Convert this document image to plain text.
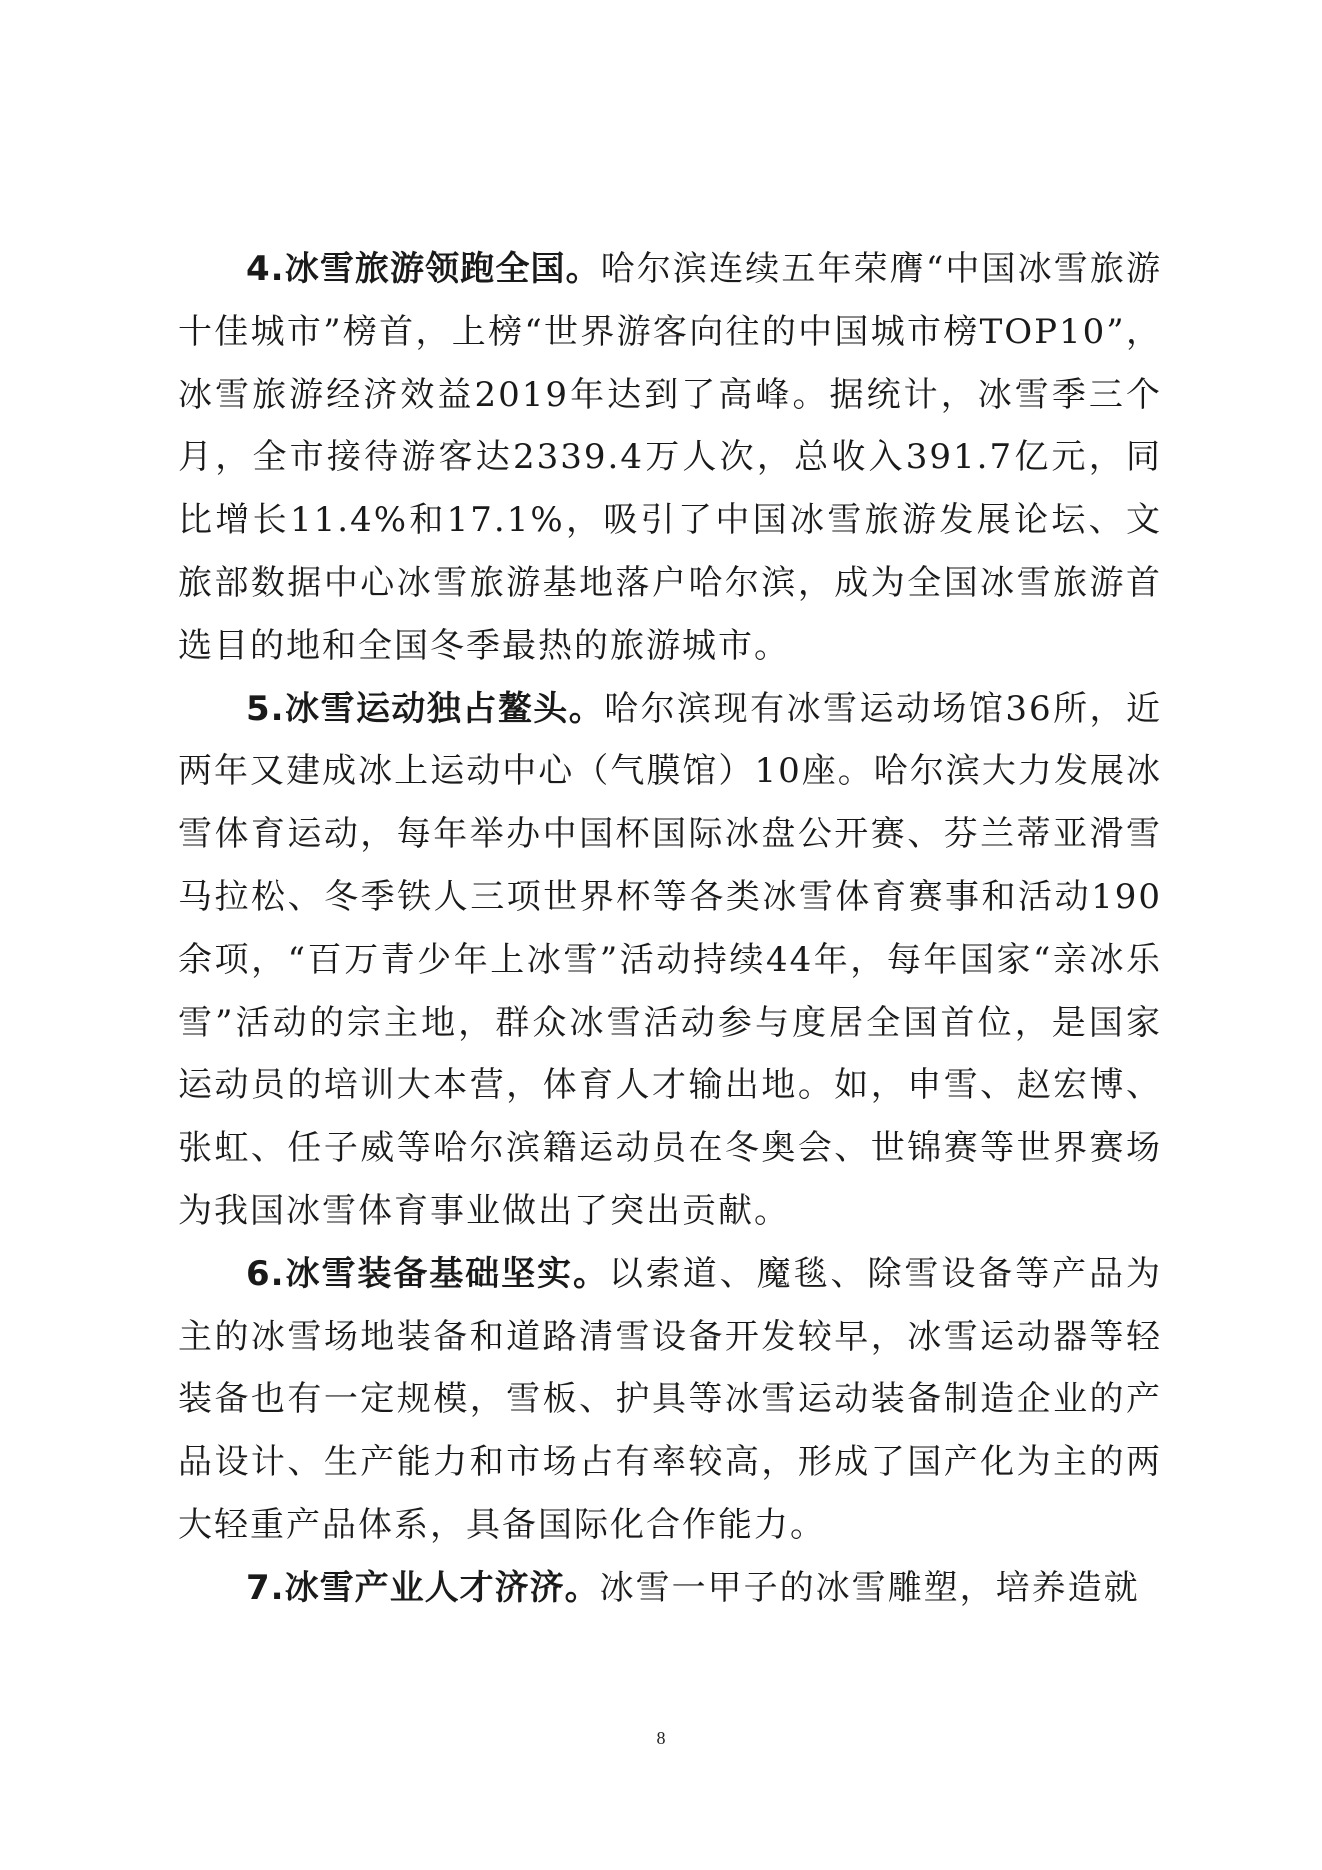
4.冰雪旅游领跑全国。哈尔滨连续五年荣膺“中国冰雪旅游十佳城市”榜首，上榜“世界游客向往的中国城市榜TOP10”，冰雪旅游经济效益2019年达到了高峰。据统计，冰雪季三个月，全市接待游客达2339.4万人次，总收入391.7亿元，同比增长11.4%和17.1%，吸引了中国冰雪旅游发展论坛、文旅部数据中心冰雪旅游基地落户哈尔滨，成为全国冰雪旅游首选目的地和全国冬季最热的旅游城市。

5.冰雪运动独占鳌头。哈尔滨现有冰雪运动场馆36所，近两年又建成冰上运动中心（气膜馆）10座。哈尔滨大力发展冰雪体育运动，每年举办中国杯国际冰盘公开赛、芬兰蒂亚滑雪马拉松、冬季铁人三项世界杯等各类冰雪体育赛事和活动190余项，“百万青少年上冰雪”活动持续44年，每年国家“亲冰乐雪”活动的宗主地，群众冰雪活动参与度居全国首位，是国家运动员的培训大本营，体育人才输出地。如，申雪、赵宏博、张虹、任子威等哈尔滨籍运动员在冬奥会、世锦赛等世界赛场为我国冰雪体育事业做出了突出贡献。

6.冰雪装备基础坚实。以索道、魔毯、除雪设备等产品为主的冰雪场地装备和道路清雪设备开发较早，冰雪运动器等轻装备也有一定规模，雪板、护具等冰雪运动装备制造企业的产品设计、生产能力和市场占有率较高，形成了国产化为主的两大轻重产品体系，具备国际化合作能力。

7.冰雪产业人才济济。冰雪一甲子的冰雪雕塑，培养造就

8
